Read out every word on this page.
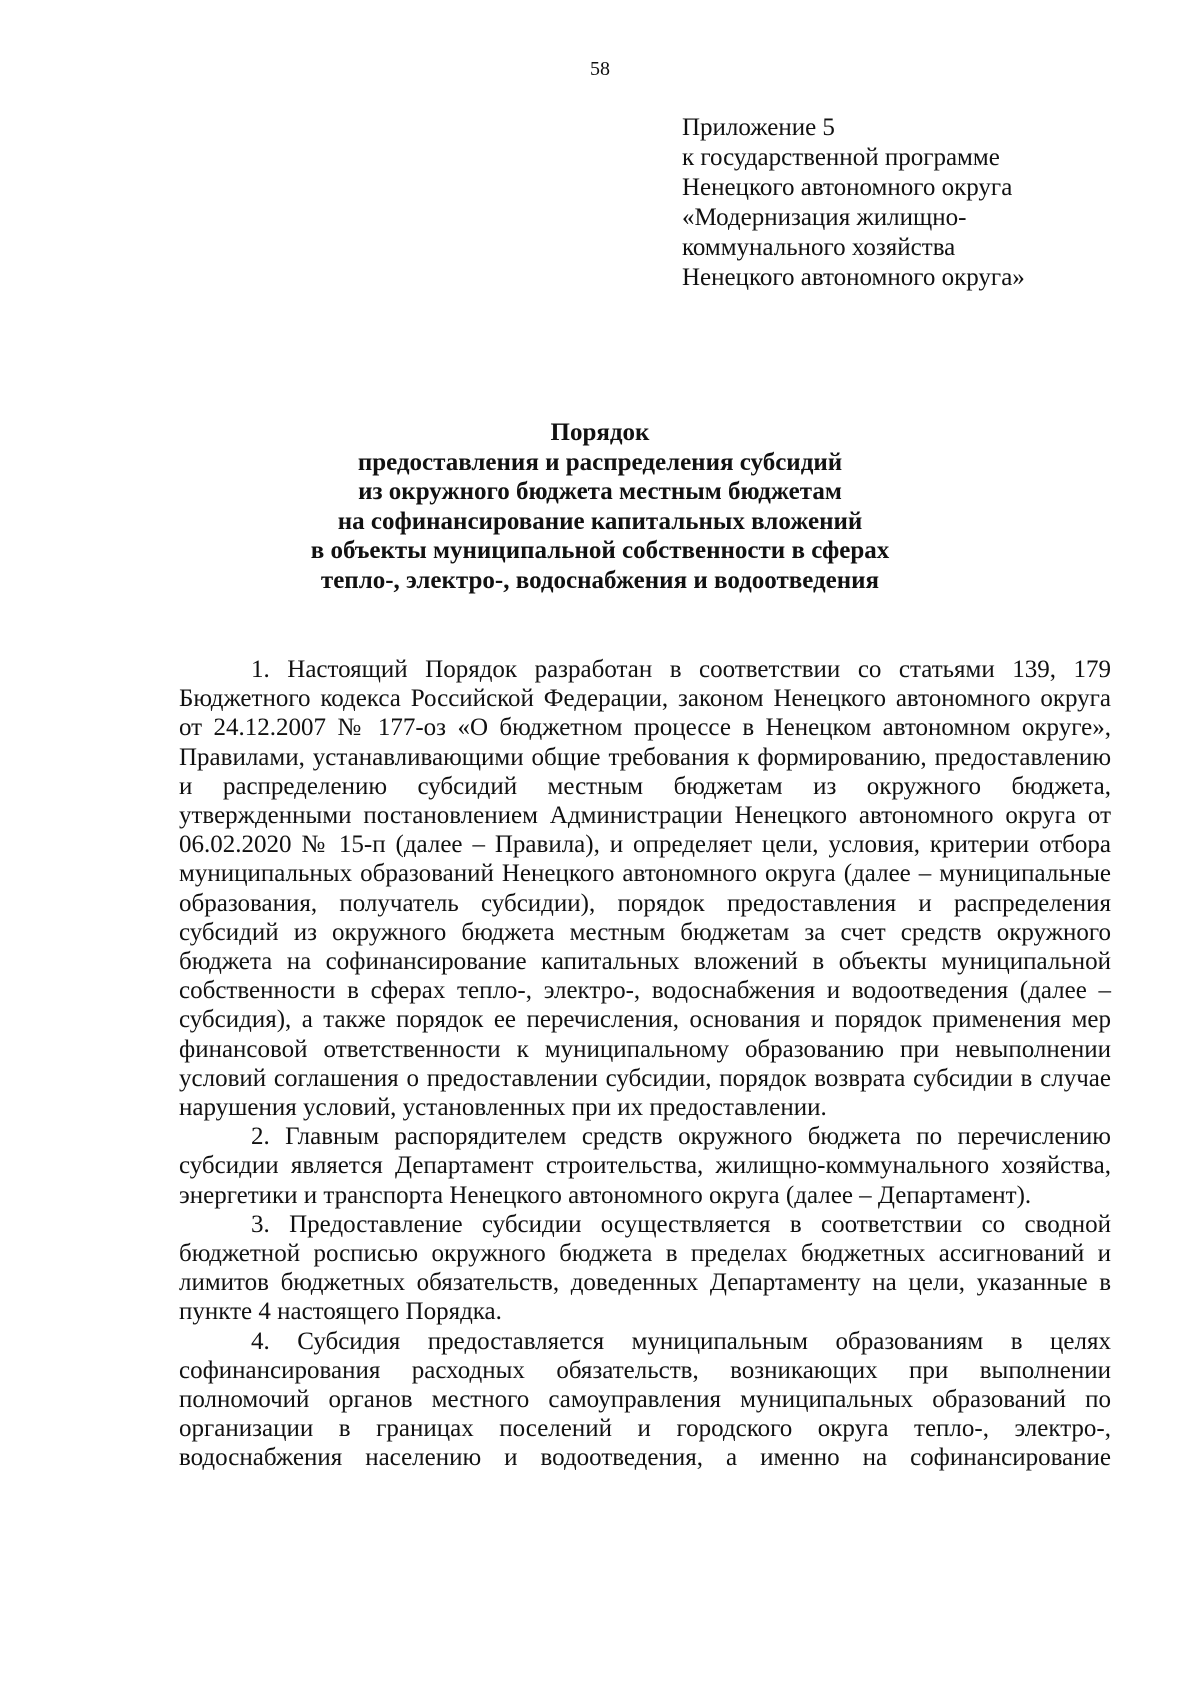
58
Приложение 5
к государственной программе
Ненецкого автономного округа
«Модернизация жилищно-
коммунального хозяйства
Ненецкого автономного округа»
Порядок
предоставления и распределения субсидий
из окружного бюджета местным бюджетам
на софинансирование капитальных вложений
в объекты муниципальной собственности в сферах
тепло-, электро-, водоснабжения и водоотведения

1. Настоящий Порядок разработан в соответствии со статьями 139, 179 Бюджетного кодекса Российской Федерации, законом Ненецкого автономного округа от 24.12.2007 № 177-оз «О бюджетном процессе в Ненецком автономном округе», Правилами, устанавливающими общие требования к формированию, предоставлению и распределению субсидий местным бюджетам из окружного бюджета, утвержденными постановлением Администрации Ненецкого автономного округа от 06.02.2020 № 15-п (далее – Правила), и определяет цели, условия, критерии отбора муниципальных образований Ненецкого автономного округа (далее – муниципальные образования, получатель субсидии), порядок предоставления и распределения субсидий из окружного бюджета местным бюджетам за счет средств окружного бюджета на софинансирование капитальных вложений в объекты муниципальной собственности в сферах тепло-, электро-, водоснабжения и водоотведения (далее – субсидия), а также порядок ее перечисления, основания и порядок применения мер финансовой ответственности к муниципальному образованию при невыполнении условий соглашения о предоставлении субсидии, порядок возврата субсидии в случае нарушения условий, установленных при их предоставлении.

2. Главным распорядителем средств окружного бюджета по перечислению субсидии является Департамент строительства, жилищно-коммунального хозяйства, энергетики и транспорта Ненецкого автономного округа (далее – Департамент).

3. Предоставление субсидии осуществляется в соответствии со сводной бюджетной росписью окружного бюджета в пределах бюджетных ассигнований и лимитов бюджетных обязательств, доведенных Департаменту на цели, указанные в пункте 4 настоящего Порядка.

4. Субсидия предоставляется муниципальным образованиям в целях софинансирования расходных обязательств, возникающих при выполнении полномочий органов местного самоуправления муниципальных образований по организации в границах поселений и городского округа тепло-, электро-, водоснабжения населению и водоотведения, а именно на софинансирование
